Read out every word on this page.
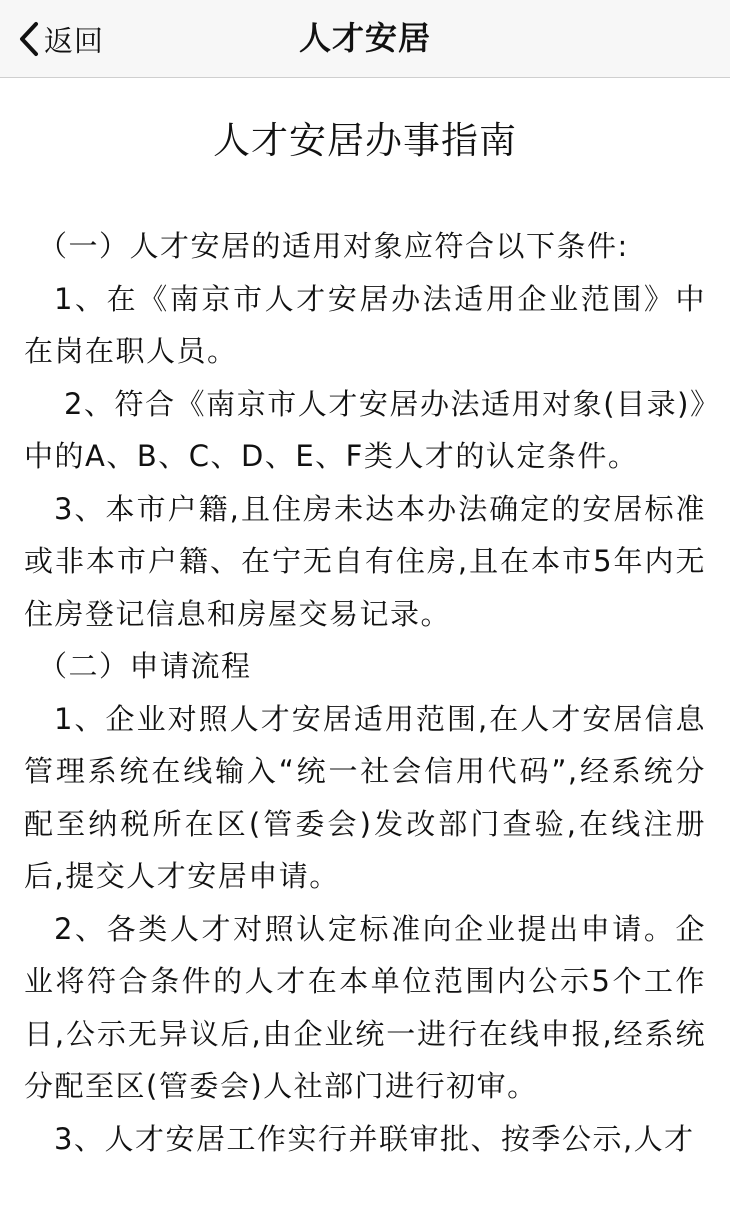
返回	人才安居
人才安居办事指南

（一）人才安居的适用对象应符合以下条件:

1、在《南京市人才安居办法适用企业范围》中在岗在职人员。

2、符合《南京市人才安居办法适用对象(目录)》中的A、B、C、D、E、F类人才的认定条件。

3、本市户籍,且住房未达本办法确定的安居标准或非本市户籍、在宁无自有住房,且在本市5年内无住房登记信息和房屋交易记录。

（二）申请流程

1、企业对照人才安居适用范围,在人才安居信息管理系统在线输入“统一社会信用代码”,经系统分配至纳税所在区(管委会)发改部门查验,在线注册后,提交人才安居申请。

2、各类人才对照认定标准向企业提出申请。企业将符合条件的人才在本单位范围内公示5个工作日,公示无异议后,由企业统一进行在线申报,经系统分配至区(管委会)人社部门进行初审。

3、人才安居工作实行并联审批、按季公示,人才
